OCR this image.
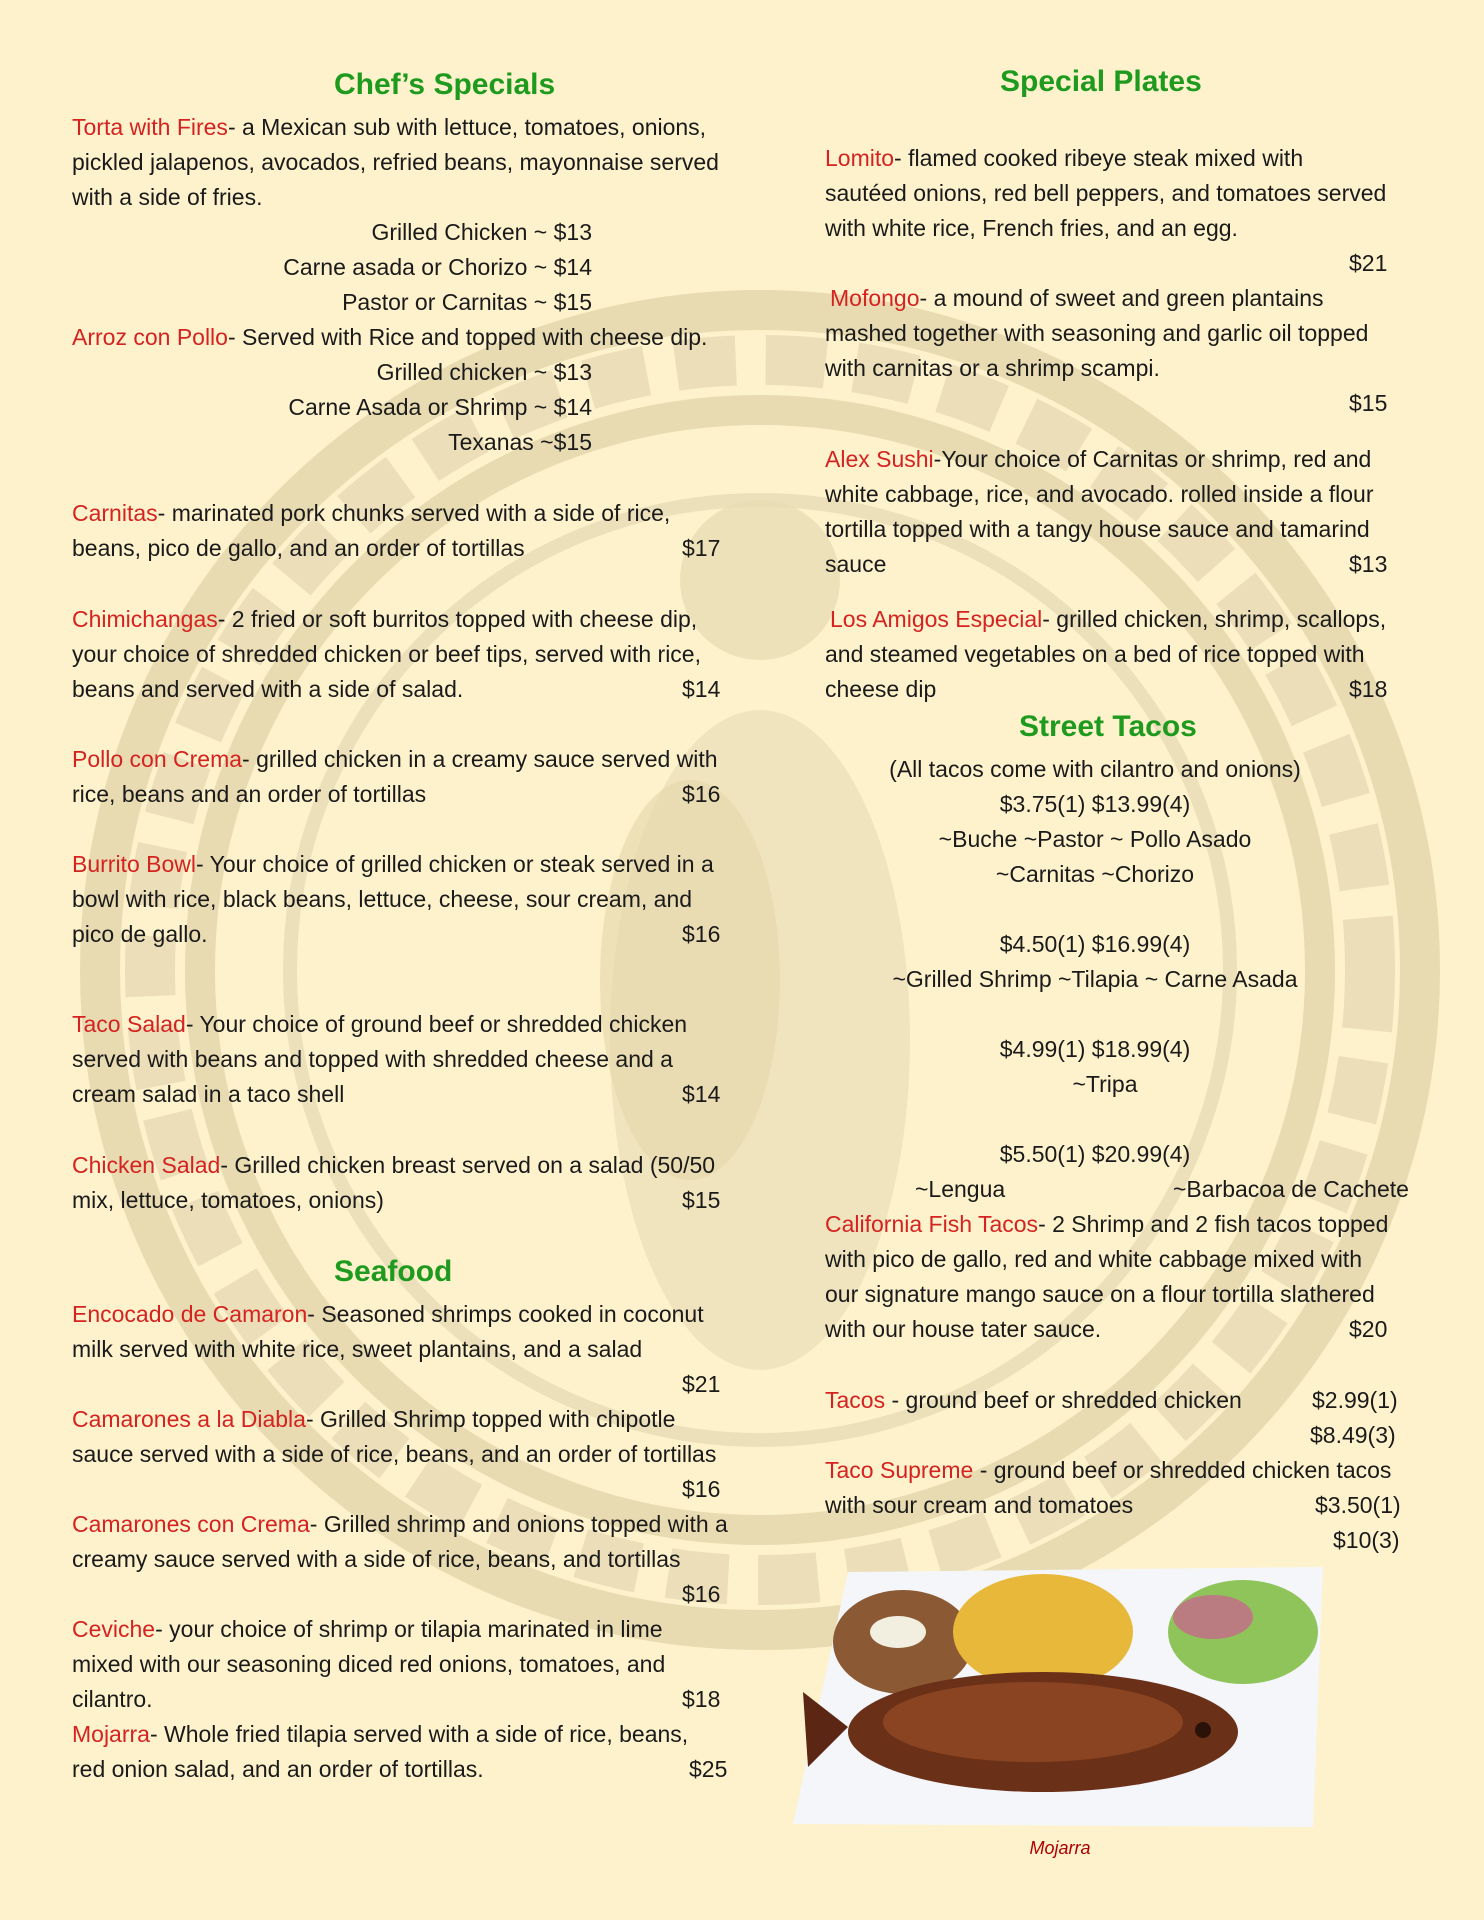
Chef’s Specials
Torta with Fires- a Mexican sub with lettuce, tomatoes, onions,
pickled jalapenos, avocados, refried beans, mayonnaise served
with a side of fries.
Grilled Chicken ~ $13
Carne asada or Chorizo ~ $14
Pastor or Carnitas ~ $15
Arroz con Pollo- Served with Rice and topped with cheese dip.
Grilled chicken ~ $13
Carne Asada or Shrimp ~ $14
Texanas ~$15
Carnitas- marinated pork chunks served with a side of rice,
beans, pico de gallo, and an order of tortillas	$17
Chimichangas- 2 fried or soft burritos topped with cheese dip,
your choice of shredded chicken or beef tips, served with rice,
beans and served with a side of salad.	$14
Pollo con Crema- grilled chicken in a creamy sauce served with
rice, beans and an order of tortillas	$16
Burrito Bowl- Your choice of grilled chicken or steak served in a
bowl with rice, black beans, lettuce, cheese, sour cream, and
pico de gallo.	$16
Taco Salad- Your choice of ground beef or shredded chicken
served with beans and topped with shredded cheese and a
cream salad in a taco shell	$14
Chicken Salad- Grilled chicken breast served on a salad (50/50
mix, lettuce, tomatoes, onions)	$15
Seafood
Encocado de Camaron- Seasoned shrimps cooked in coconut
milk served with white rice, sweet plantains, and a salad
$21
Camarones a la Diabla- Grilled Shrimp topped with chipotle
sauce served with a side of rice, beans, and an order of tortillas
$16
Camarones con Crema- Grilled shrimp and onions topped with a
creamy sauce served with a side of rice, beans, and tortillas
$16
Ceviche- your choice of shrimp or tilapia marinated in lime
mixed with our seasoning diced red onions, tomatoes, and
cilantro.	$18
Mojarra- Whole fried tilapia served with a side of rice, beans,
red onion salad, and an order of tortillas.	$25
Special Plates
Lomito- flamed cooked ribeye steak mixed with
sautéed onions, red bell peppers, and tomatoes served
with white rice, French fries, and an egg.
$21
Mofongo- a mound of sweet and green plantains
mashed together with seasoning and garlic oil topped
with carnitas or a shrimp scampi.
$15
Alex Sushi-Your choice of Carnitas or shrimp, red and
white cabbage, rice, and avocado. rolled inside a flour
tortilla topped with a tangy house sauce and tamarind
sauce	$13
Los Amigos Especial- grilled chicken, shrimp, scallops,
and steamed vegetables on a bed of rice topped with
cheese dip	$18
Street Tacos
(All tacos come with cilantro and onions)
$3.75(1) $13.99(4)
~Buche ~Pastor ~ Pollo Asado
~Carnitas ~Chorizo
$4.50(1) $16.99(4)
~Grilled Shrimp ~Tilapia ~ Carne Asada
$4.99(1) $18.99(4)
~Tripa
$5.50(1) $20.99(4)
~Lengua	~Barbacoa de Cachete
California Fish Tacos- 2 Shrimp and 2 fish tacos topped
with pico de gallo, red and white cabbage mixed with
our signature mango sauce on a flour tortilla slathered
with our house tater sauce.	$20
Tacos - ground beef or shredded chicken	$2.99(1)
$8.49(3)
Taco Supreme - ground beef or shredded chicken tacos
with sour cream and tomatoes	$3.50(1)
$10(3)
Mojarra
